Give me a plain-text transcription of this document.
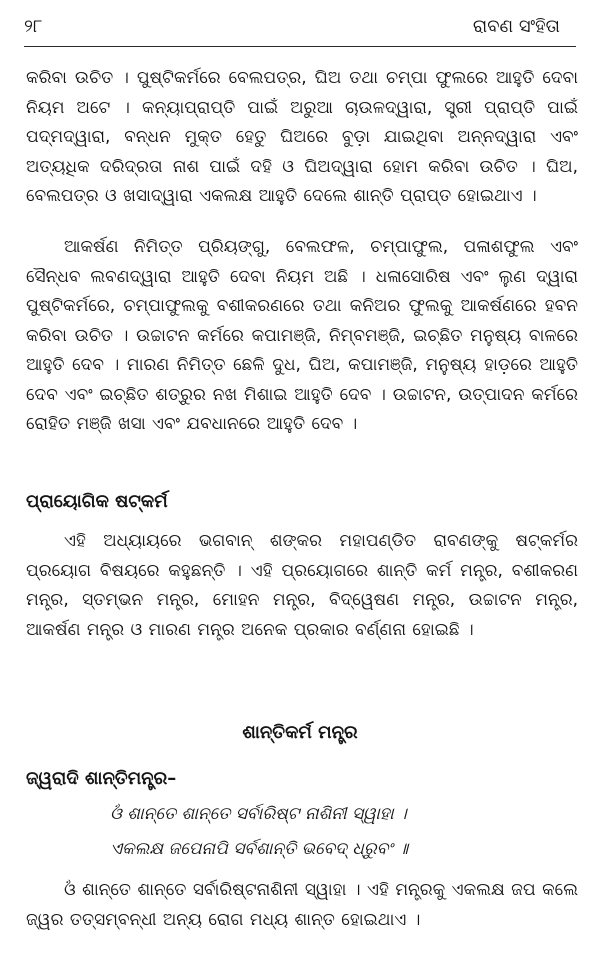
୨୮	ରାବଣ ସଂହିତା
କରିବା ଉଚିତ । ପୁଷ୍ଟିକର୍ମରେ ବେଲପତ୍ର, ଘିଅ ତଥା ଚମ୍ପା ଫୁଲରେ ଆହୁତି ଦେବା ନିୟମ ଅଟେ । କନ୍ୟାପ୍ରାପ୍ତି ପାଇଁ ଅରୁଆ ଚାଉଳଦ୍ୱାରା, ସ୍ତ୍ରୀ ପ୍ରାପ୍ତି ପାଇଁ ପଦ୍ମଦ୍ୱାରା, ବନ୍ଧନ ମୁକ୍ତ ହେତୁ ଘିଅରେ ବୁଡ଼ା ଯାଇଥିବା ଅନ୍ନଦ୍ୱାରା ଏବଂ ଅତ୍ୟଧିକ ଦରିଦ୍ରତା ନାଶ ପାଇଁ ଦହି ଓ ଘିଅଦ୍ୱାରା ହୋମ କରିବା ଉଚିତ । ଘିଅ, ବେଲପତ୍ର ଓ ଖସାଦ୍ୱାରା ଏକଲକ୍ଷ ଆହୁତି ଦେଲେ ଶାନ୍ତି ପ୍ରାପ୍ତ ହୋଇଥାଏ ।
ଆକର୍ଷଣ ନିମିତ୍ତ ପ୍ରିୟଙ୍ଗୁ, ବେଲଫଳ, ଚମ୍ପାଫୁଲ, ପଳାଶଫୁଲ ଏବଂ ସୈନ୍ଧବ ଲବଣଦ୍ୱାରା ଆହୁତି ଦେବା ନିୟମ ଅଛି । ଧଳାସୋରିଷ ଏବଂ ଲୁଣ ଦ୍ୱାରା ପୁଷ୍ଟିକର୍ମରେ, ଚମ୍ପାଫୁଲକୁ ବଶୀକରଣରେ ତଥା କନିଅର ଫୁଲକୁ ଆକର୍ଷଣରେ ହବନ କରିବା ଉଚିତ । ଉଚ୍ଚାଟନ କର୍ମରେ କପାମଞ୍ଜି, ନିମ୍ବମଞ୍ଜି, ଇଚ୍ଛିତ ମନୁଷ୍ୟ ବାଳରେ ଆହୁତି ଦେବ । ମାରଣ ନିମିତ୍ତ ଛେଳି ଦୁଧ, ଘିଅ, କପାମଞ୍ଜି, ମନୁଷ୍ୟ ହାଡ଼ରେ ଆହୁତି ଦେବ ଏବଂ ଇଚ୍ଛିତ ଶତ୍ରୁର ନଖ ମିଶାଇ ଆହୁତି ଦେବ । ଉଚ୍ଚାଟନ, ଉତ୍ପାଦନ କର୍ମରେ ରୋହିତ ମଞ୍ଜି ଖସା ଏବଂ ଯବଧାନରେ ଆହୁତି ଦେବ ।
ପ୍ରାୟୋଗିକ ଷଟ୍କର୍ମ
ଏହି ଅଧ୍ୟାୟରେ ଭଗବାନ୍ ଶଙ୍କର ମହାପଣ୍ଡିତ ରାବଣଙ୍କୁ ଷଟ୍କର୍ମର ପ୍ରୟୋଗ ବିଷୟରେ କହୁଛନ୍ତି । ଏହି ପ୍ରୟୋଗରେ ଶାନ୍ତି କର୍ମ ମନ୍ତ୍ର, ବଶୀକରଣ ମନ୍ତ୍ର, ସ୍ତମ୍ଭନ ମନ୍ତ୍ର, ମୋହନ ମନ୍ତ୍ର, ବିଦ୍ୱେଷଣ ମନ୍ତ୍ର, ଉଚ୍ଚାଟନ ମନ୍ତ୍ର, ଆକର୍ଷଣ ମନ୍ତ୍ର ଓ ମାରଣ ମନ୍ତ୍ର ଅନେକ ପ୍ରକାର ବର୍ଣ୍ଣନା ହୋଇଛି ।
ଶାନ୍ତିକର୍ମ ମନ୍ତ୍ର
ଜ୍ୱରାଦି ଶାନ୍ତିମନ୍ତ୍ର–
ଓଁ ଶାନ୍ତେ ଶାନ୍ତେ ସର୍ବାରିଷ୍ଟ ନାଶିନୀ ସ୍ୱାହା ।
ଏକଲକ୍ଷ ଜପେନାପି ସର୍ବଶାନ୍ତି ଭବେଦ୍ ଧ୍ରୁବଂ ॥
ଓଁ ଶାନ୍ତେ ଶାନ୍ତେ ସର୍ବାରିଷ୍ଟନାଶିନୀ ସ୍ୱାହା । ଏହି ମନ୍ତ୍ରକୁ ଏକଲକ୍ଷ ଜପ କଲେ ଜ୍ୱର ତତ୍ସମ୍ବନ୍ଧୀ ଅନ୍ୟ ରୋଗ ମଧ୍ୟ ଶାନ୍ତ ହୋଇଥାଏ ।
